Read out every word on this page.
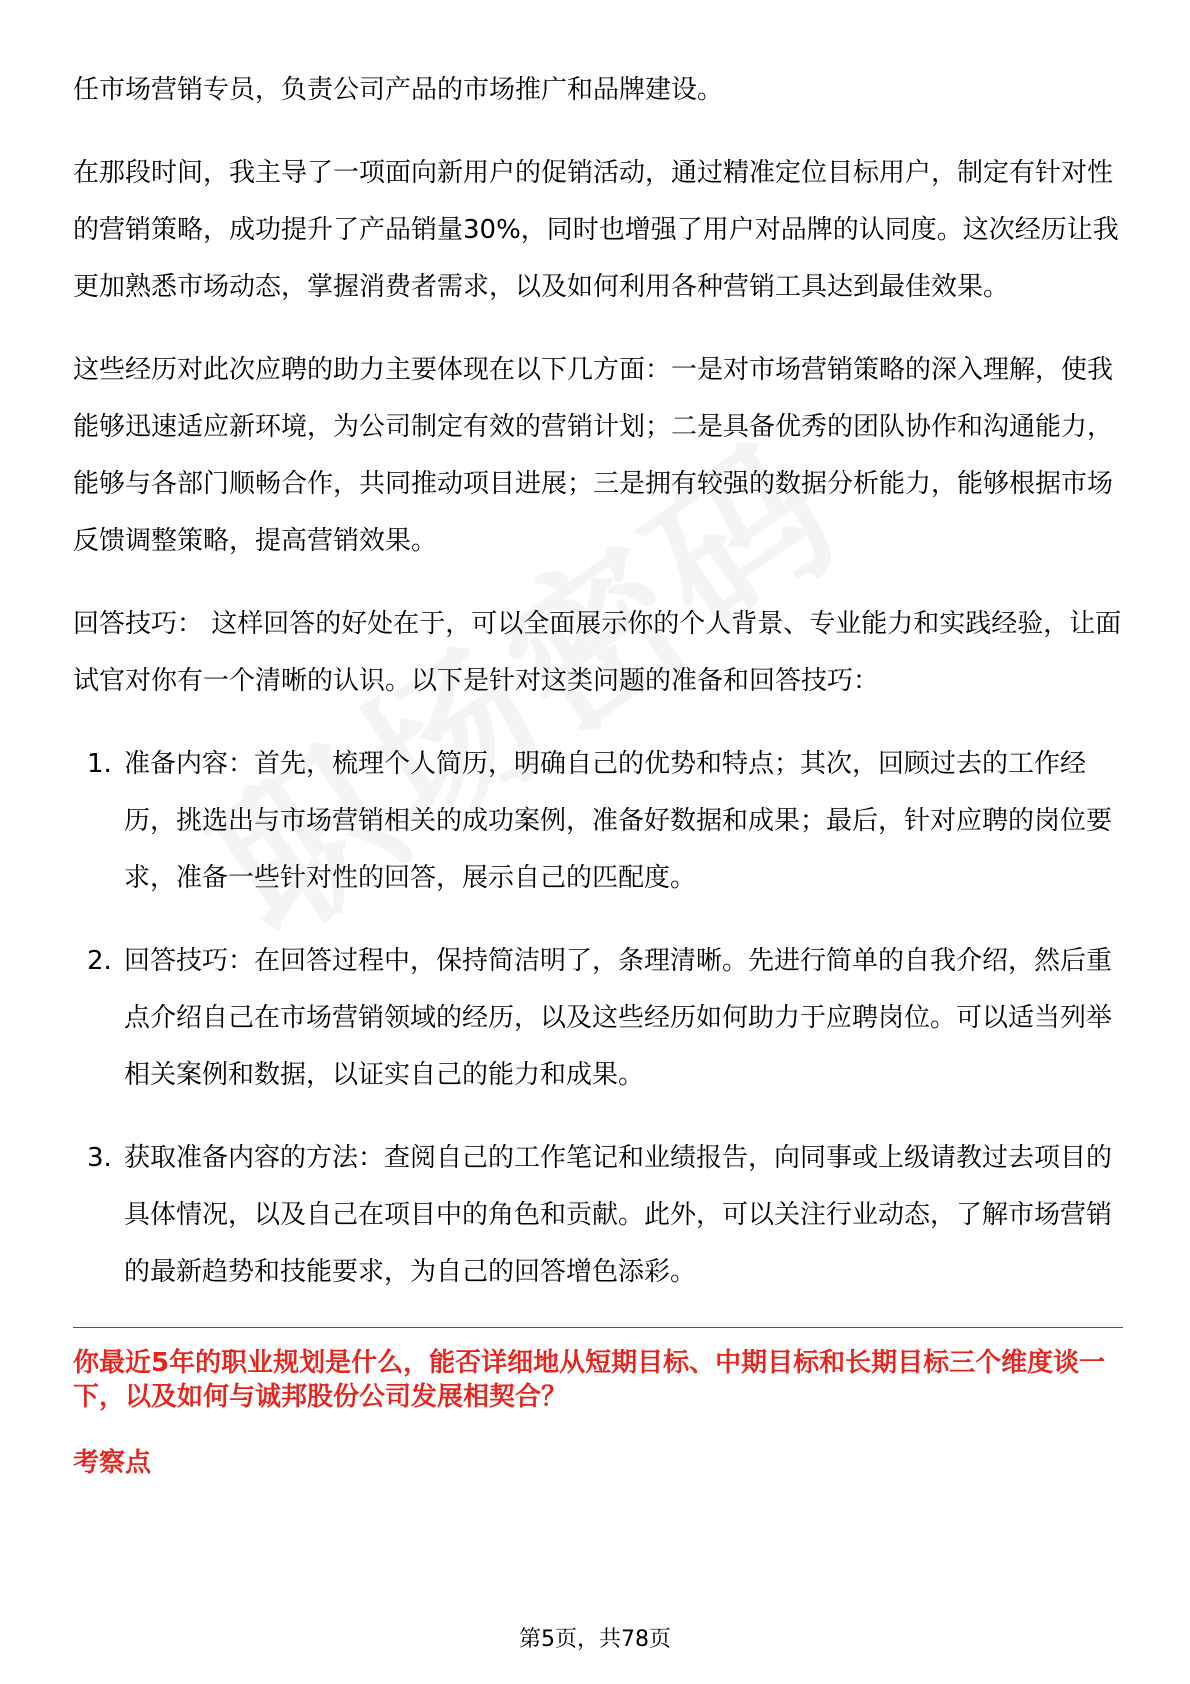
任市场营销专员，负责公司产品的市场推广和品牌建设。

在那段时间，我主导了一项面向新用户的促销活动，通过精准定位目标用户，制定有针对性的营销策略，成功提升了产品销量30%，同时也增强了用户对品牌的认同度。这次经历让我更加熟悉市场动态，掌握消费者需求，以及如何利用各种营销工具达到最佳效果。

这些经历对此次应聘的助力主要体现在以下几方面：一是对市场营销策略的深入理解，使我能够迅速适应新环境，为公司制定有效的营销计划；二是具备优秀的团队协作和沟通能力，能够与各部门顺畅合作，共同推动项目进展；三是拥有较强的数据分析能力，能够根据市场反馈调整策略，提高营销效果。

回答技巧： 这样回答的好处在于，可以全面展示你的个人背景、专业能力和实践经验，让面试官对你有一个清晰的认识。以下是针对这类问题的准备和回答技巧：

1. 准备内容：首先，梳理个人简历，明确自己的优势和特点；其次，回顾过去的工作经历，挑选出与市场营销相关的成功案例，准备好数据和成果；最后，针对应聘的岗位要求，准备一些针对性的回答，展示自己的匹配度。
2. 回答技巧：在回答过程中，保持简洁明了，条理清晰。先进行简单的自我介绍，然后重点介绍自己在市场营销领域的经历，以及这些经历如何助力于应聘岗位。可以适当列举相关案例和数据，以证实自己的能力和成果。
3. 获取准备内容的方法：查阅自己的工作笔记和业绩报告，向同事或上级请教过去项目的具体情况，以及自己在项目中的角色和贡献。此外，可以关注行业动态，了解市场营销的最新趋势和技能要求，为自己的回答增色添彩。

你最近5年的职业规划是什么，能否详细地从短期目标、中期目标和长期目标三个维度谈一下，以及如何与诚邦股份公司发展相契合？

考察点

第5页，共78页
